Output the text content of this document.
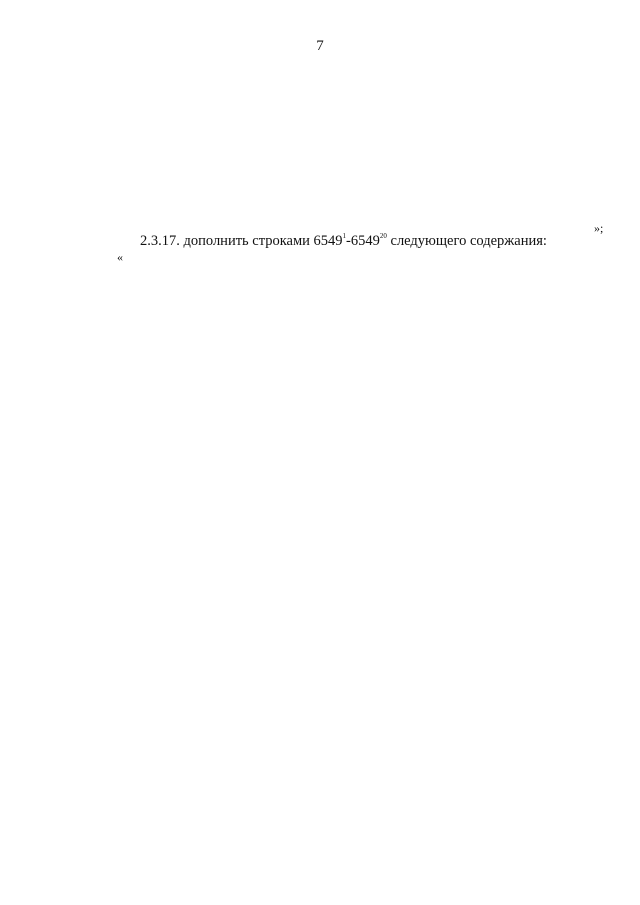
7
»;
2.3.17. дополнить строками 6549$^1$-6549$^{20}$ следующего содержания:
«
